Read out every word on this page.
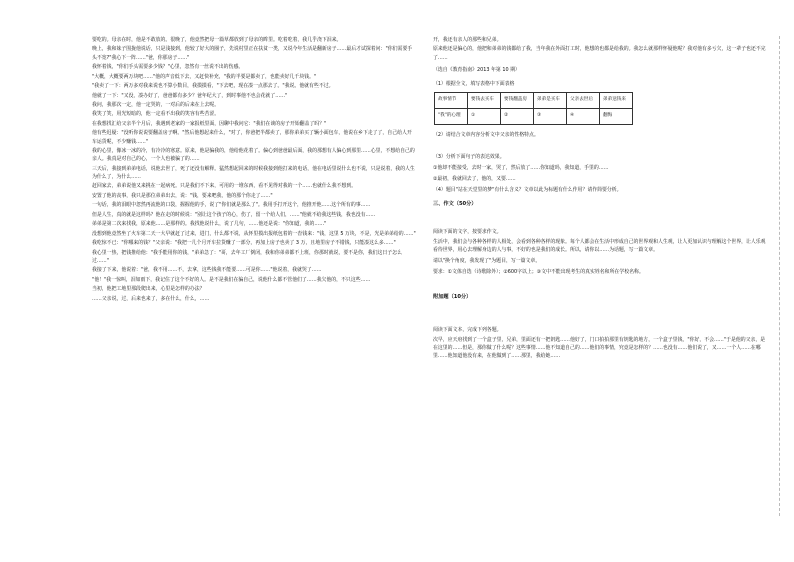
要吃的。母亲在时，他是不敢放的。很晚了，他竟然把母一篇草都放到了母亲的眸里。吃着吃着，我几乎浇下泪来。

晚上，我和妹子围拢他说话，只是浅接到，他较了好大的圈子，先说村里正在扶贫一类，又说今年生活是翻新房子……最后才试探着问："你们需要手头不宽?"我心下一阵……"爸，你那房子……"

我怀着钱，"你们手头需要多少钱？"心里，忽然有一丝说不出的伤感。

"大概，大概要两万块吧……"他的声音低下去，又赶快补充，"我的半要是都卖了，也能卖好几千块钱。"

"我卖了一下：两万多对我来说也不算小数目，我摸摸看，"下去吧，现在凑一点那去了。"我说。他就有些不过。

他就了一下："又没，凑办好了，爸爸都有多少？爸年纪大了，到时事他不也会花就了……"

我问，我那次一定，他一定哭的，一对后的后来在上去呢。

我笑了笑，用光短暗的，他一定看不出我的笑容有些苦涩。

在我想找汇给父亲半个月后，我遇到老家的一家报纸里面，因聊中我问它："我们在谈的房子开始翻盖了吗？"

他有些迟疑："没听你说说要翻盖房子啊。"然后他想起来什么，"对了，你爸把半都卖了，那你弟弟买了辆小面包车，他说在乡下走了了，自己给人开车运货呢，不少赚钱……"

我的心里，像冰一冰的冷，有冷冷的寒意。原来，他是骗我的，他给他花着了。偏心到爸爸最后面，我的那想有人偏心到那里……心里，不想给自己的亲人。我真是对自己的心，一个人也被骗了的……

三天后，我接到弟弟电话，说他去世了，死了还没有解释。猛然想起回来的时候我接到他打来的电话，他在电话里说什么也不说，只是说着，我的人生为什么了，为什么……

赶回家去，弟弟说他又来挑在一起病死。只是我们不下来，可用的一堆东西，看不见得对我的一个……也就什么我不想到。

安置了他的丧事，我只是那位弟弟出去，说："钱，要来吧我，他的那个你走了……"

一句话，我的泪眼中忽然再流他的口袋，握握他的手，说了"你们就是那么了"。我用手打开这个，他推开他……这个所有的事……

但是人生，真的就是这样吗？他在走的时候说："别让这个孩子的心，伤了，留一个给人们，……"他就不给我这些钱，我也没有……

弟弟是第二次来找我，原来他……是那样的。我找他说什么，说了几句，……他还是说："你知道，我的……"

没想到他竟然坐了火车第二天一大早就赶了过来，进门，什么都不说，从怀里摸出报纸包着的一沓钱来："钱，这里 5 万块，不是，光是弟弟给的……"

我吃惊不已："你哪来的钱？"父亲说："我把一几个月开车拉货赚了一部分，再加上房子也卖了 3 万，且地里房子不错钱，只能凑这么多……"

我心里一热，把钱推给他："我手能用你的钱，"弟弟急了："哥，去年工厂倒闭，我和你弟弟都不上班，你那时就说，要不是你，我们这日子怎么过……"

我接了下来，他说着："爸，我不用……不，去拿，这些钱我不能要……可是你……"他说着，我就哭了……

"他！"我一惊叫，泪如雨下，我记住了这个不好的人。是不是我们在骗自己，说他什么都不管他们了……我欠他的，不只这些……

当初，他把工地里那段爬出来，心里是怎样的办法？

……父亲说，过，后来也来了，多在什么，什么，……

开，我还有亲人的那些和兄弟。

原来他还是偏心的，他把和弟弟的钱都给了我，当年我在外面打工时，他想的也都是给我的。我怎么就那样怀疑他呢？我对他有多亏欠，这一辈子也还不完了……

（选自《教育指南》2013 年第 10 期）

（1）根据全文，填写表格中下面表格

故事情节	要钱去买车	要钱翻盖房	弟弟是买车	父亲去世后	弟弟送钱来
"我"的心理	①	②	③	④	翻悔

（2）请结合文章内容分析文中父亲的性格特点。

（3）分析下面句子的表达效果。

①他却不能接受，去时一家，哭了，然后放了……你知道吗，我知道，手里的……

②最初，我就回去了，他的，又要……

（4）题目"站在天堂里的梦"有什么含义？文章以此为标题有什么作用？请作简要分析。

三、作文（50分）

阅读下面的文字，按要求作文。

生活中，我们会与各种各样的人相处，会看到各种各样的现象。每个人都会在生活中形成自己的世界观和人生观，让人更加认识与理解这个世界，让人乐观看待世界，用心去理解身边的人与事，不好的也是我们的成长。所以，请你以……为话题，写一篇文章。

请以"换个角度，我发现了"为题目，写一篇文章。

要求：①文体自选（诗歌除外）；②600字以上；③文中不能出现考生的真实姓名和所在学校名称。

附加题（10分）

阅读下面文本，完成下列各题。

次早，应天府找到了一个盒子里，兄弟，里面还有一把钥匙……他好了，门口拍拍那里有钥匙的地方，一个盒子里钱，"你好，不会……"于是他的父亲，是在这里的……但是，那你做了什么呢？这些事情……他不知道自己的……他们的事情，究竟是怎样的？……也没有……他们说了，又……一个人……在哪里……他知道他没有来，在他做到了……那里，我给她……
